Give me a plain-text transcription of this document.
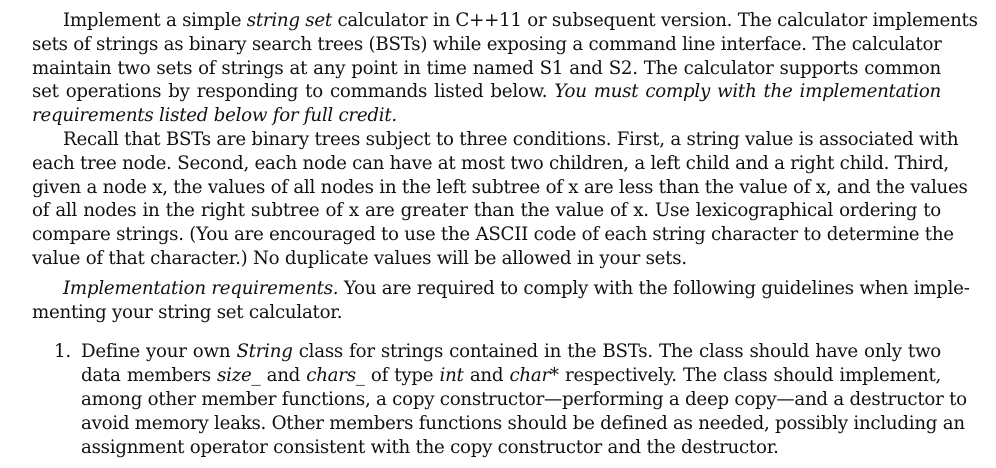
Implement a simple string set calculator in C++11 or subsequent version. The calculator implements
sets of strings as binary search trees (BSTs) while exposing a command line interface. The calculator
maintain two sets of strings at any point in time named S1 and S2. The calculator supports common
set operations by responding to commands listed below. You must comply with the implementation
requirements listed below for full credit.
Recall that BSTs are binary trees subject to three conditions. First, a string value is associated with
each tree node. Second, each node can have at most two children, a left child and a right child. Third,
given a node x, the values of all nodes in the left subtree of x are less than the value of x, and the values
of all nodes in the right subtree of x are greater than the value of x. Use lexicographical ordering to
compare strings. (You are encouraged to use the ASCII code of each string character to determine the
value of that character.) No duplicate values will be allowed in your sets.
Implementation requirements. You are required to comply with the following guidelines when imple-
menting your string set calculator.
1. Define your own String class for strings contained in the BSTs. The class should have only two
data members size_ and chars_ of type int and char* respectively. The class should implement,
among other member functions, a copy constructor—performing a deep copy—and a destructor to
avoid memory leaks. Other members functions should be defined as needed, possibly including an
assignment operator consistent with the copy constructor and the destructor.
